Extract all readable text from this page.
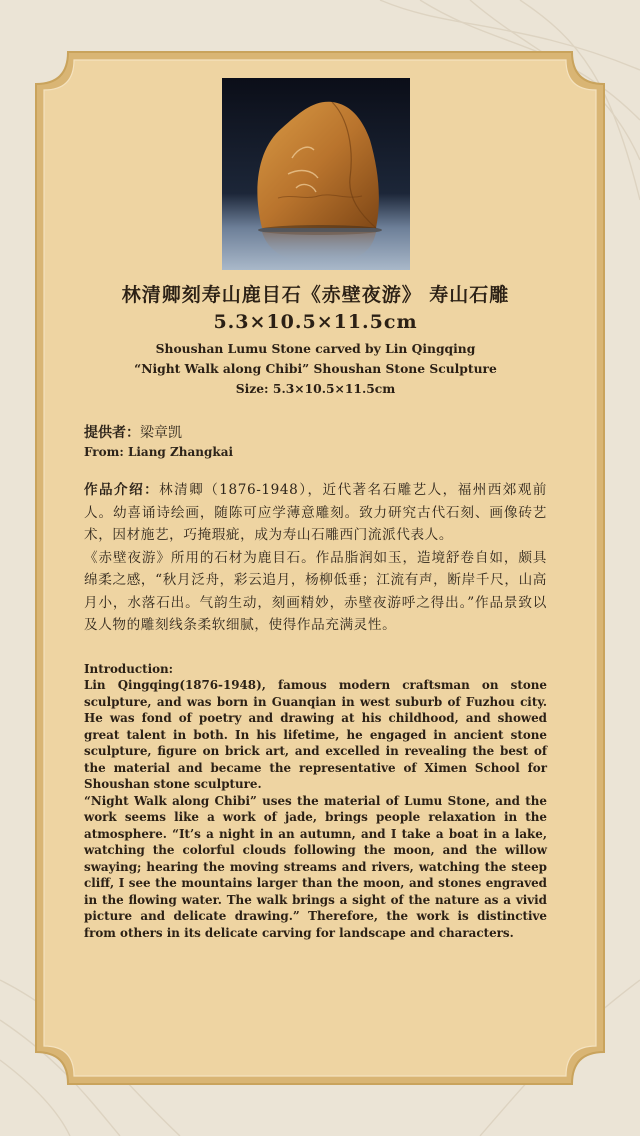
林清卿刻寿山鹿目石《赤壁夜游》 寿山石雕
5.3×10.5×11.5cm
Shoushan Lumu Stone carved by Lin Qingqing
“Night Walk along Chibi” Shoushan Stone Sculpture
Size: 5.3×10.5×11.5cm
提供者：梁章凯
From: Liang Zhangkai

作品介绍：林清卿（1876-1948），近代著名石雕艺人，福州西郊观前人。幼喜诵诗绘画，随陈可应学薄意雕刻。致力研究古代石刻、画像砖艺术，因材施艺，巧掩瑕疵，成为寿山石雕西门流派代表人。

《赤壁夜游》所用的石材为鹿目石。作品脂润如玉，造境舒卷自如，颇具绵柔之感，“秋月泛舟，彩云追月，杨柳低垂；江流有声，断岸千尺，山高月小，水落石出。气韵生动，刻画精妙，赤壁夜游呼之得出。”作品景致以及人物的雕刻线条柔软细腻，使得作品充满灵性。

Introduction:

Lin Qingqing(1876-1948), famous modern craftsman on stone sculpture, and was born in Guanqian in west suburb of Fuzhou city. He was fond of poetry and drawing at his childhood, and showed great talent in both. In his lifetime, he engaged in ancient stone sculpture, figure on brick art, and excelled in revealing the best of the material and became the representative of Ximen School for Shoushan stone sculpture.

“Night Walk along Chibi” uses the material of Lumu Stone, and the work seems like a work of jade, brings people relaxation in the atmosphere. “It’s a night in an autumn, and I take a boat in a lake, watching the colorful clouds following the moon, and the willow swaying; hearing the moving streams and rivers, watching the steep cliff, I see the mountains larger than the moon, and stones engraved in the flowing water. The walk brings a sight of the nature as a vivid picture and delicate drawing.” Therefore, the work is distinctive from others in its delicate carving for landscape and characters.
